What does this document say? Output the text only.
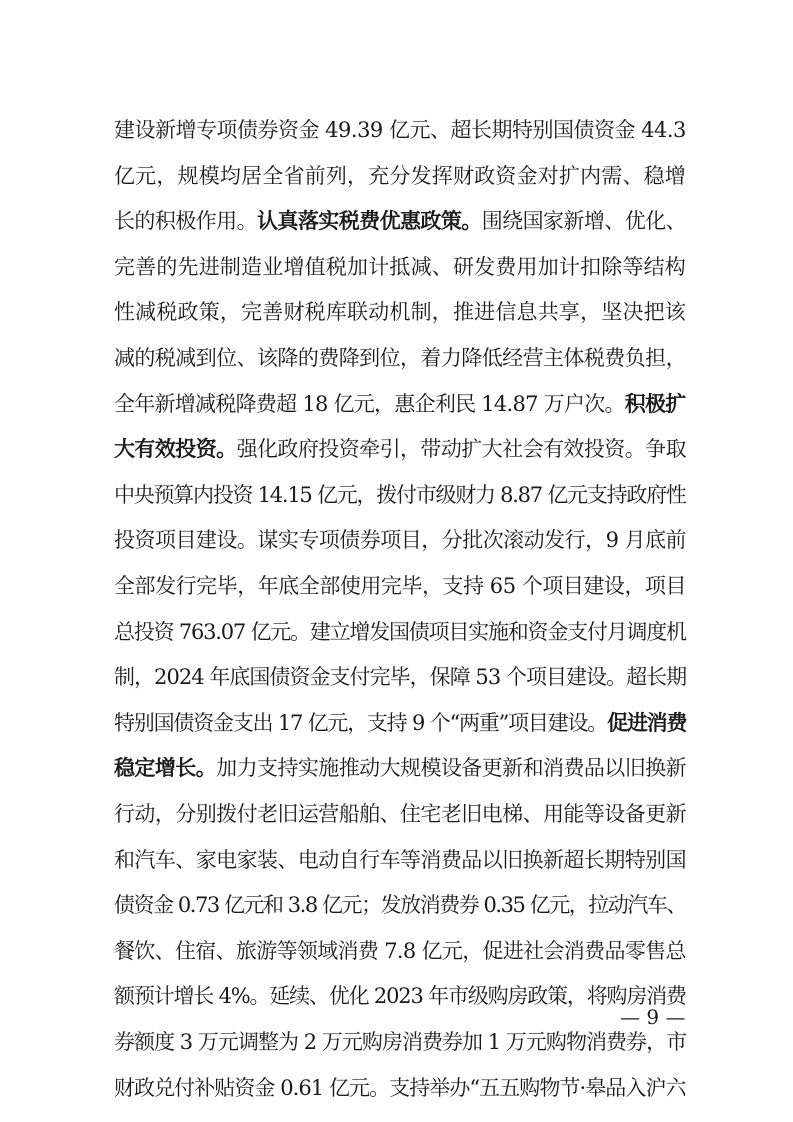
建设新增专项债券资金 49.39 亿元、超长期特别国债资金 44.3
亿元，规模均居全省前列，充分发挥财政资金对扩内需、稳增
长的积极作用。认真落实税费优惠政策。围绕国家新增、优化、
完善的先进制造业增值税加计抵减、研发费用加计扣除等结构
性减税政策，完善财税库联动机制，推进信息共享，坚决把该
减的税减到位、该降的费降到位，着力降低经营主体税费负担，
全年新增减税降费超 18 亿元，惠企利民 14.87 万户次。积极扩
大有效投资。强化政府投资牵引，带动扩大社会有效投资。争取
中央预算内投资 14.15 亿元，拨付市级财力 8.87 亿元支持政府性
投资项目建设。谋实专项债券项目，分批次滚动发行，9 月底前
全部发行完毕，年底全部使用完毕，支持 65 个项目建设，项目
总投资 763.07 亿元。建立增发国债项目实施和资金支付月调度机
制，2024 年底国债资金支付完毕，保障 53 个项目建设。超长期
特别国债资金支出 17 亿元，支持 9 个“两重”项目建设。促进消费
稳定增长。加力支持实施推动大规模设备更新和消费品以旧换新
行动，分别拨付老旧运营船舶、住宅老旧电梯、用能等设备更新
和汽车、家电家装、电动自行车等消费品以旧换新超长期特别国
债资金 0.73 亿元和 3.8 亿元；发放消费券 0.35 亿元，拉动汽车、
餐饮、住宿、旅游等领域消费 7.8 亿元，促进社会消费品零售总
额预计增长 4%。延续、优化 2023 年市级购房政策，将购房消费
券额度 3 万元调整为 2 万元购房消费券加 1 万元购物消费券，市
财政兑付补贴资金 0.61 亿元。支持举办“五五购物节·皋品入沪六
— 9 —
